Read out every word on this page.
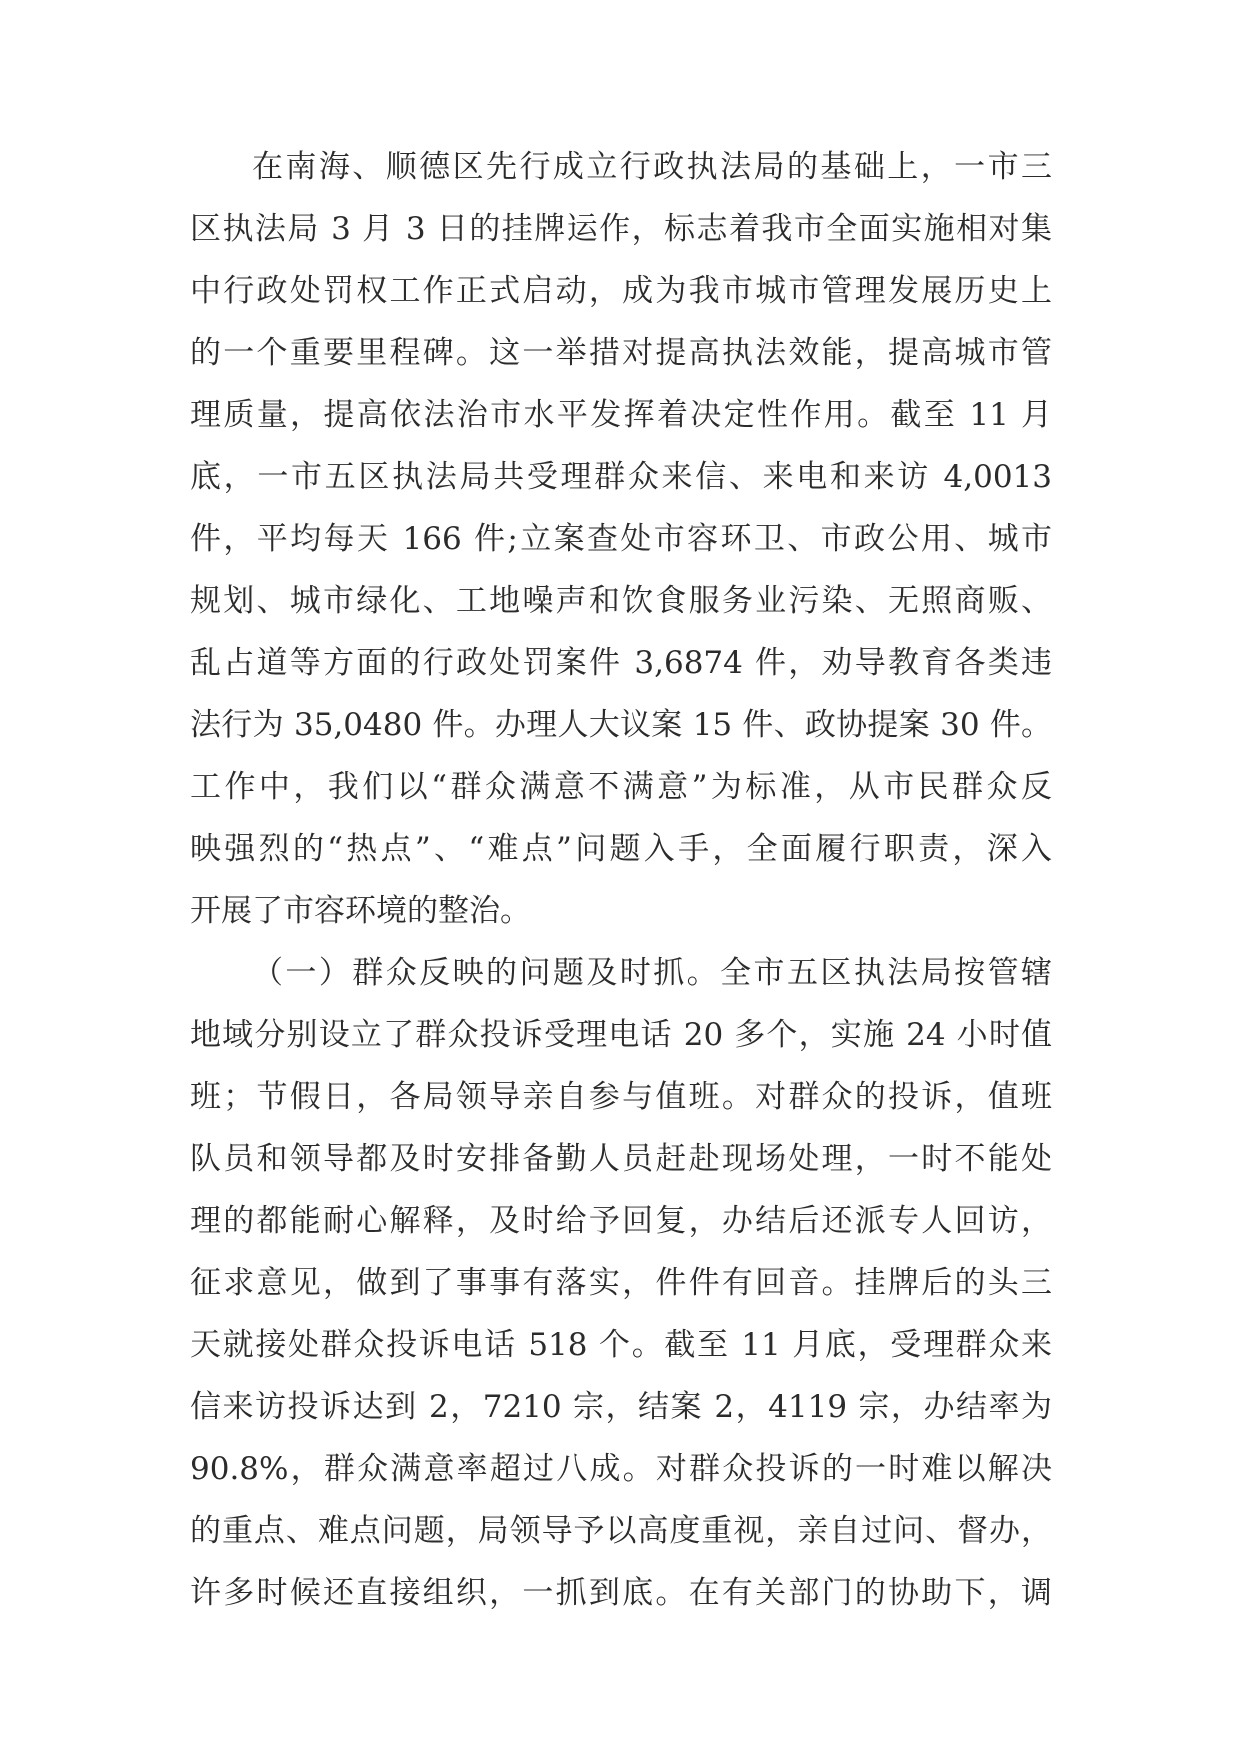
在南海、顺德区先行成立行政执法局的基础上，一市三
区执法局 3 月 3 日的挂牌运作，标志着我市全面实施相对集
中行政处罚权工作正式启动，成为我市城市管理发展历史上
的一个重要里程碑。这一举措对提高执法效能，提高城市管
理质量，提高依法治市水平发挥着决定性作用。截至 11 月
底，一市五区执法局共受理群众来信、来电和来访 4,0013
件，平均每天 166 件;立案查处市容环卫、市政公用、城市
规划、城市绿化、工地噪声和饮食服务业污染、无照商贩、
乱占道等方面的行政处罚案件 3,6874 件，劝导教育各类违
法行为 35,0480 件。办理人大议案 15 件、政协提案 30 件。
工作中，我们以“群众满意不满意”为标准，从市民群众反
映强烈的“热点”、“难点”问题入手，全面履行职责，深入
开展了市容环境的整治。
（一）群众反映的问题及时抓。全市五区执法局按管辖
地域分别设立了群众投诉受理电话 20 多个，实施 24 小时值
班；节假日，各局领导亲自参与值班。对群众的投诉，值班
队员和领导都及时安排备勤人员赶赴现场处理，一时不能处
理的都能耐心解释，及时给予回复，办结后还派专人回访，
征求意见，做到了事事有落实，件件有回音。挂牌后的头三
天就接处群众投诉电话 518 个。截至 11 月底，受理群众来
信来访投诉达到 2，7210 宗，结案 2，4119 宗，办结率为
90.8%，群众满意率超过八成。对群众投诉的一时难以解决
的重点、难点问题，局领导予以高度重视，亲自过问、督办，
许多时候还直接组织，一抓到底。在有关部门的协助下，调
